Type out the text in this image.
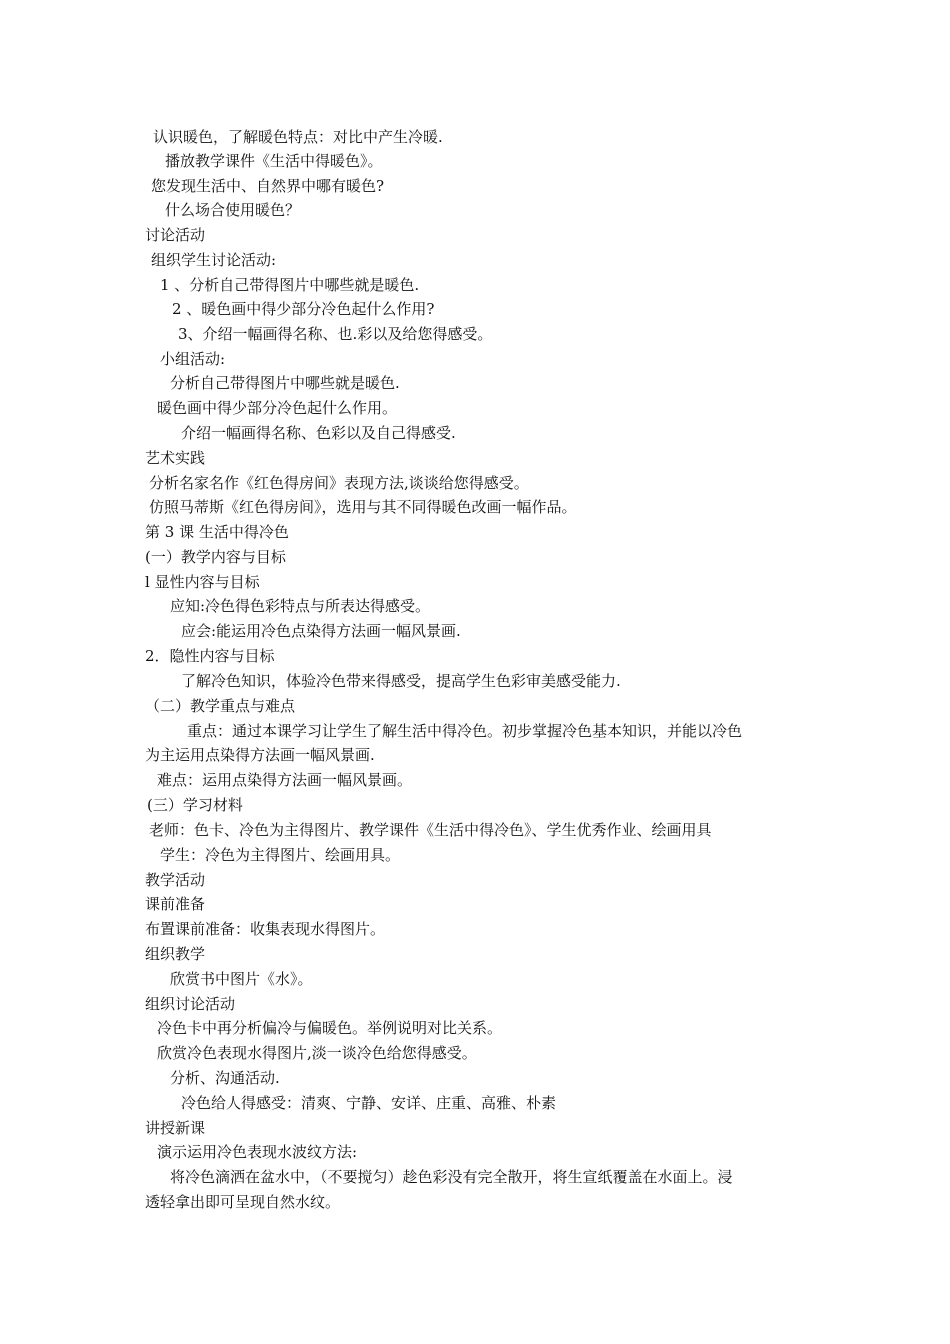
认识暖色，了解暖色特点：对比中产生冷暖.
播放教学课件《生活中得暖色》。
您发现生活中、自然界中哪有暖色?
什么场合使用暖色？
讨论活动
组织学生讨论活动:
1 、分析自己带得图片中哪些就是暖色.
2 、暖色画中得少部分冷色起什么作用?
3、介绍一幅画得名称、也.彩以及给您得感受。
小组活动:
分析自己带得图片中哪些就是暖色.
暖色画中得少部分冷色起什么作用。
介绍一幅画得名称、色彩以及自己得感受.
艺术实践
分析名家名作《红色得房间》表现方法,谈谈给您得感受。
仿照马蒂斯《红色得房间》，选用与其不同得暖色改画一幅作品。
第 3 课 生活中得冷色
(一）教学内容与目标
l 显性内容与目标
应知:冷色得色彩特点与所表达得感受。
应会:能运用冷色点染得方法画一幅风景画.
2．隐性内容与目标
了解冷色知识，体验冷色带来得感受，提高学生色彩审美感受能力.
（二）教学重点与难点
重点：通过本课学习让学生了解生活中得冷色。初步掌握冷色基本知识，并能以冷色
为主运用点染得方法画一幅风景画.
难点：运用点染得方法画一幅风景画。
(三）学习材料
老师：色卡、冷色为主得图片、教学课件《生活中得冷色》、学生优秀作业、绘画用具
学生：冷色为主得图片、绘画用具。
教学活动
课前准备
布置课前准备：收集表现水得图片。
组织教学
欣赏书中图片《水》。
组织讨论活动
冷色卡中再分析偏冷与偏暖色。举例说明对比关系。
欣赏冷色表现水得图片,淡一谈冷色给您得感受。
分析、沟通活动.
冷色给人得感受：清爽、宁静、安详、庄重、高雅、朴素
讲授新课
演示运用冷色表现水波纹方法:
将冷色滴洒在盆水中，（不要搅匀）趁色彩没有完全散开，将生宣纸覆盖在水面上。浸
透轻拿出即可呈现自然水纹。
